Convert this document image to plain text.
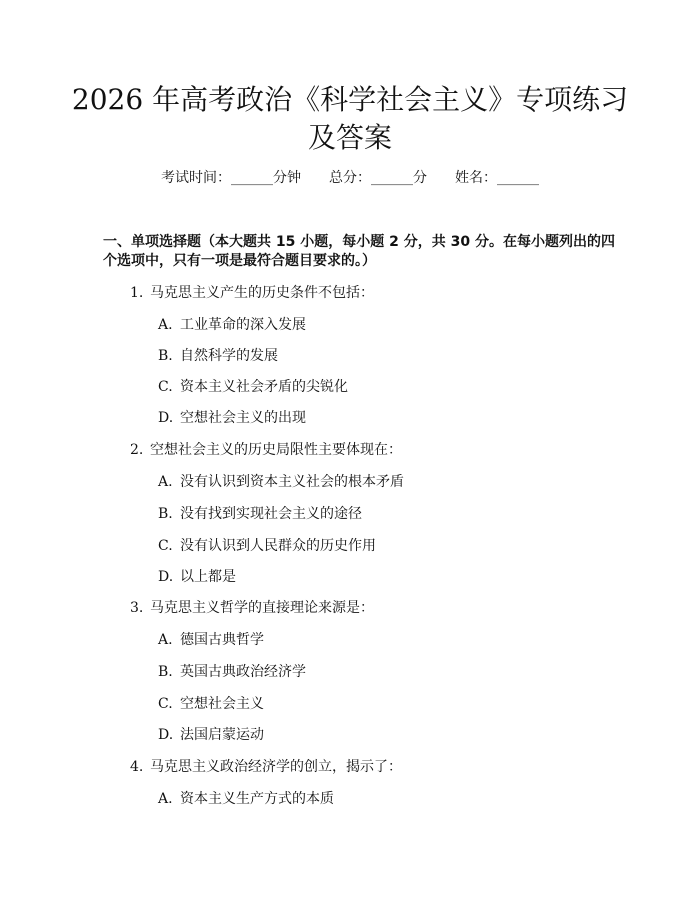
2026 年高考政治《科学社会主义》专项练习
及答案
考试时间：______分钟 总分：______分 姓名：______
一、单项选择题（本大题共 15 小题，每小题 2 分，共 30 分。在每小题列出的四
个选项中，只有一项是最符合题目要求的。）
1. 马克思主义产生的历史条件不包括：
A. 工业革命的深入发展
B. 自然科学的发展
C. 资本主义社会矛盾的尖锐化
D. 空想社会主义的出现
2. 空想社会主义的历史局限性主要体现在：
A. 没有认识到资本主义社会的根本矛盾
B. 没有找到实现社会主义的途径
C. 没有认识到人民群众的历史作用
D. 以上都是
3. 马克思主义哲学的直接理论来源是：
A. 德国古典哲学
B. 英国古典政治经济学
C. 空想社会主义
D. 法国启蒙运动
4. 马克思主义政治经济学的创立，揭示了：
A. 资本主义生产方式的本质
